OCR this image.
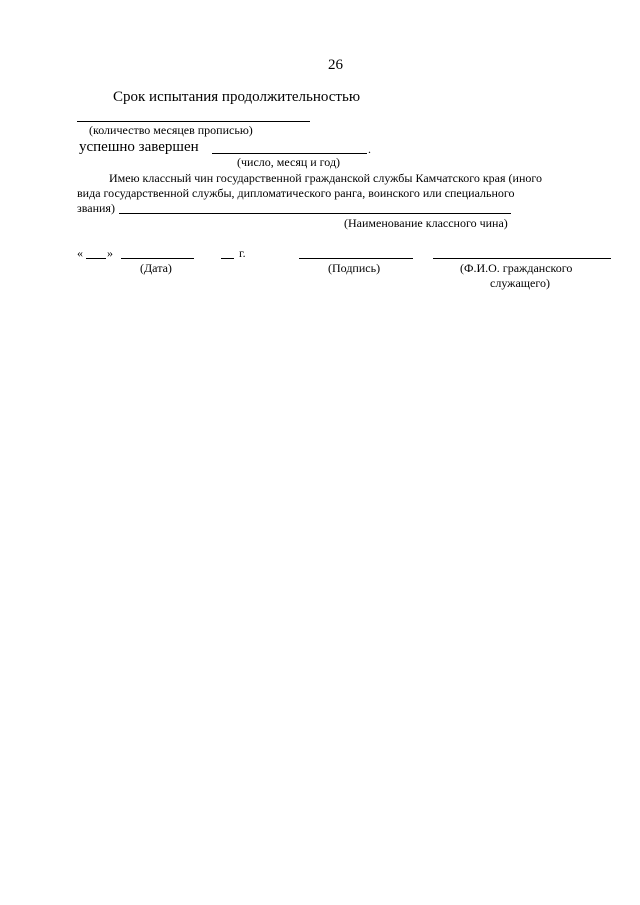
26
Срок испытания продолжительностью
(количество месяцев прописью)
успешно завершен	.
(число, месяц и год)
Имею классный чин государственной гражданской службы Камчатского края (иного
вида государственной службы, дипломатического ранга, воинского или специального
звания)
(Наименование классного чина)
« »	г.
(Дата)	(Подпись)	(Ф.И.О. гражданского
служащего)
